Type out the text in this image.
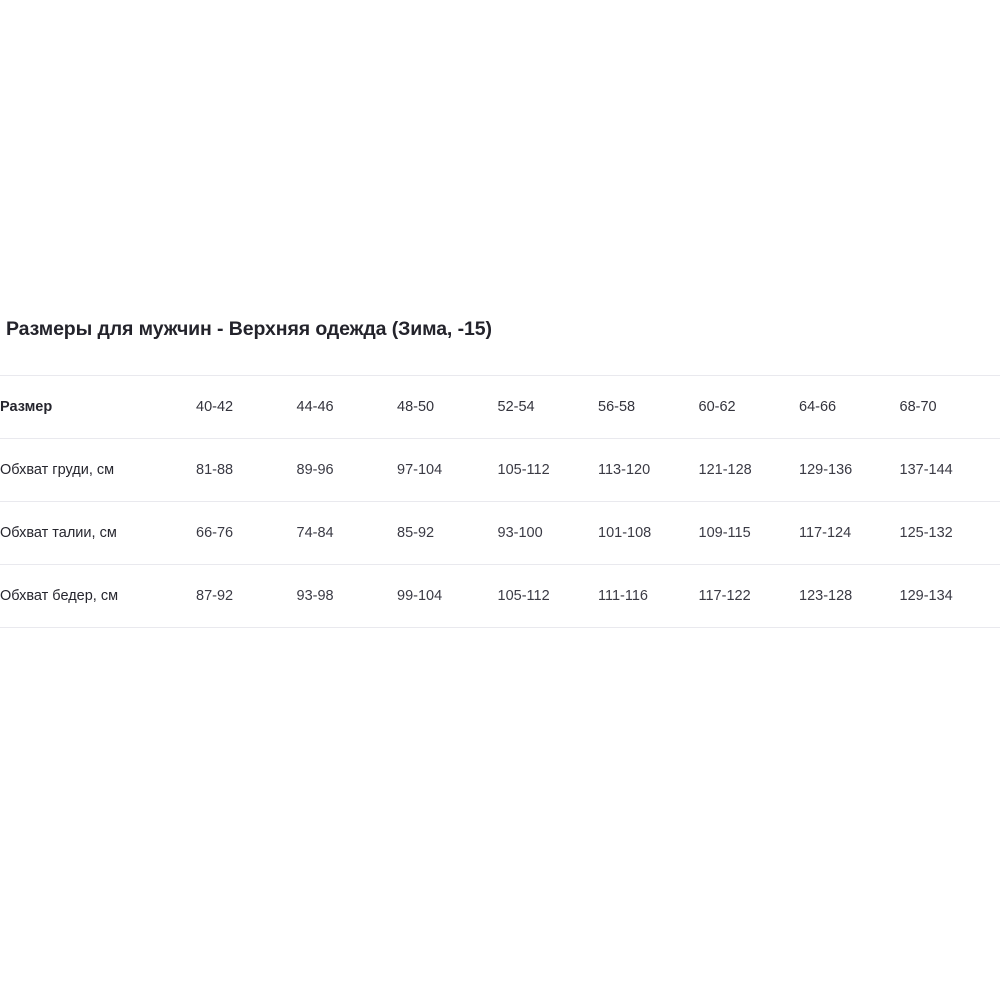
Размеры для мужчин - Верхняя одежда (Зима, -15)
Размер	40-42	44-46	48-50	52-54	56-58	60-62	64-66	68-70
Обхват груди, см	81-88	89-96	97-104	105-112	113-120	121-128	129-136	137-144
Обхват талии, см	66-76	74-84	85-92	93-100	101-108	109-115	117-124	125-132
Обхват бедер, см	87-92	93-98	99-104	105-112	111-116	117-122	123-128	129-134
